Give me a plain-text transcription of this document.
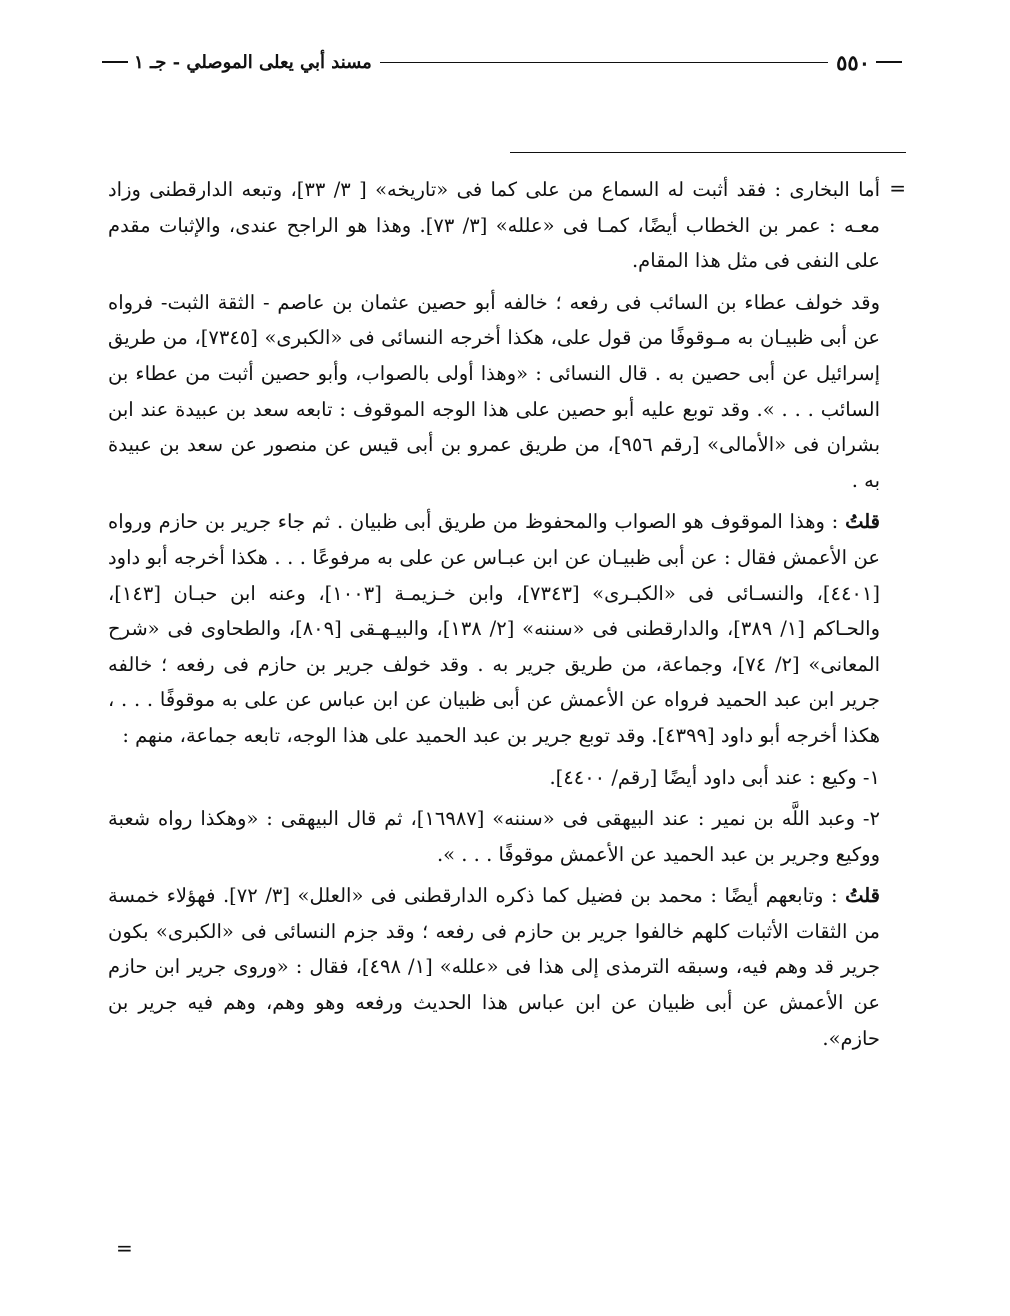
٥٥٠
مسند أبي يعلى الموصلي - جـ ١
=

أما البخارى : فقد أثبت له السماع من على كما فى «تاريخه» [ ٣/ ٣٣]، وتبعه الدارقطنى وزاد معـه : عمر بن الخطاب أيضًا، كمـا فى «علله» [٣/ ٧٣]. وهذا هو الراجح عندى، والإثبات مقدم على النفى فى مثل هذا المقام.

وقد خولف عطاء بن السائب فى رفعه ؛ خالفه أبو حصين عثمان بن عاصم - الثقة الثبت- فرواه عن أبى ظبيـان به مـوقوفًا من قول على، هكذا أخرجه النسائى فى «الكبرى» [٧٣٤٥]، من طريق إسرائيل عن أبى حصين به . قال النسائى : «وهذا أولى بالصواب، وأبو حصين أثبت من عطاء بن السائب . . . ». وقد توبع عليه أبو حصين على هذا الوجه الموقوف : تابعه سعد بن عبيدة عند ابن بشران فى «الأمالى» [رقم ٩٥٦]، من طريق عمرو بن أبى قيس عن منصور عن سعد بن عبيدة به .

قلتُ : وهذا الموقوف هو الصواب والمحفوظ من طريق أبى ظبيان . ثم جاء جرير بن حازم ورواه عن الأعمش فقال : عن أبى ظبيـان عن ابن عبـاس عن على به مرفوعًا . . . هكذا أخرجه أبو داود [٤٤٠١]، والنسـائى فى «الكبـرى» [٧٣٤٣]، وابن خـزيمـة [١٠٠٣]، وعنه ابن حبـان [١٤٣]، والحـاكم [١/ ٣٨٩]، والدارقطنى فى «سننه» [٢/ ١٣٨]، والبيـهـقى [٨٠٩]، والطحاوى فى «شرح المعانى» [٢/ ٧٤]، وجماعة، من طريق جرير به . وقد خولف جرير بن حازم فى رفعه ؛ خالفه جرير ابن عبد الحميد فرواه عن الأعمش عن أبى ظبيان عن ابن عباس عن على به موقوفًا . . . ، هكذا أخرجه أبو داود [٤٣٩٩]. وقد توبع جرير بن عبد الحميد على هذا الوجه، تابعه جماعة، منهم :

١- وكيع : عند أبى داود أيضًا [رقم/ ٤٤٠٠].

٢- وعبد اللَّه بن نمير : عند البيهقى فى «سننه» [١٦٩٨٧]، ثم قال البيهقى : «وهكذا رواه شعبة ووكيع وجرير بن عبد الحميد عن الأعمش موقوفًا . . . ».

قلتُ : وتابعهم أيضًا : محمد بن فضيل كما ذكره الدارقطنى فى «العلل» [٣/ ٧٢]. فهؤلاء خمسة من الثقات الأثبات كلهم خالفوا جرير بن حازم فى رفعه ؛ وقد جزم النسائى فى «الكبرى» بكون جرير قد وهم فيه، وسبقه الترمذى إلى هذا فى «علله» [١/ ٤٩٨]، فقال : «وروى جرير ابن حازم عن الأعمش عن أبى ظبيان عن ابن عباس هذا الحديث ورفعه وهو وهم، وهم فيه جرير بن حازم».

=
